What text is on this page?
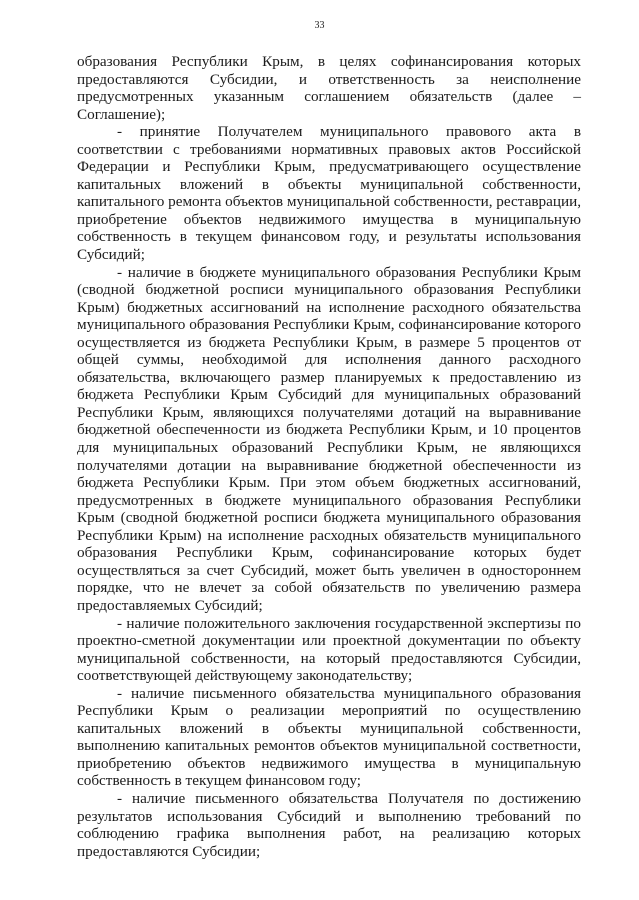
33

образования Республики Крым, в целях софинансирования которых предоставляются Субсидии, и ответственность за неисполнение предусмотренных указанным соглашением обязательств (далее – Соглашение);

- принятие Получателем муниципального правового акта в соответствии с требованиями нормативных правовых актов Российской Федерации и Республики Крым, предусматривающего осуществление капитальных вложений в объекты муниципальной собственности, капитального ремонта объектов муниципальной собственности, реставрации, приобретение объектов недвижимого имущества в муниципальную собственность в текущем финансовом году, и результаты использования Субсидий;

- наличие в бюджете муниципального образования Республики Крым (сводной бюджетной росписи муниципального образования Республики Крым) бюджетных ассигнований на исполнение расходного обязательства муниципального образования Республики Крым, софинансирование которого осуществляется из бюджета Республики Крым, в размере 5 процентов от общей суммы, необходимой для исполнения данного расходного обязательства, включающего размер планируемых к предоставлению из бюджета Республики Крым Субсидий для муниципальных образований Республики Крым, являющихся получателями дотаций на выравнивание бюджетной обеспеченности из бюджета Республики Крым, и 10 процентов для муниципальных образований Республики Крым, не являющихся получателями дотации на выравнивание бюджетной обеспеченности из бюджета Республики Крым. При этом объем бюджетных ассигнований, предусмотренных в бюджете муниципального образования Республики Крым (сводной бюджетной росписи бюджета муниципального образования Республики Крым) на исполнение расходных обязательств муниципального образования Республики Крым, софинансирование которых будет осуществляться за счет Субсидий, может быть увеличен в одностороннем порядке, что не влечет за собой обязательств по увеличению размера предоставляемых Субсидий;

- наличие положительного заключения государственной экспертизы по проектно-сметной документации или проектной документации по объекту муниципальной собственности, на который предоставляются Субсидии, соответствующей действующему законодательству;

- наличие письменного обязательства муниципального образования Республики Крым о реализации мероприятий по осуществлению капитальных вложений в объекты муниципальной собственности, выполнению капитальных ремонтов объектов муниципальной состветности, приобретению объектов недвижимого имущества в муниципальную собственность в текущем финансовом году;

- наличие письменного обязательства Получателя по достижению результатов использования Субсидий и выполнению требований по соблюдению графика выполнения работ, на реализацию которых предоставляются Субсидии;
